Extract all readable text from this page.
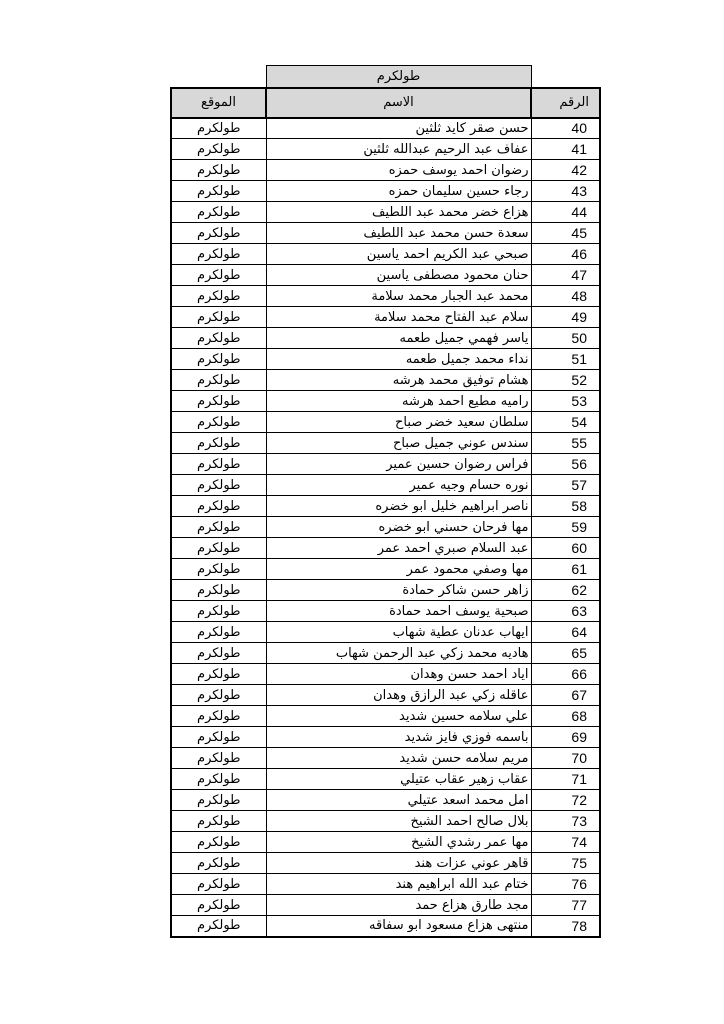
	طولكرم	
الرقم	الاسم	الموقع
40	حسن صقر كايد ثلثين	طولكرم
41	عفاف عبد الرحيم عبدالله ثلثين	طولكرم
42	رضوان احمد يوسف حمزه	طولكرم
43	رجاء حسين سليمان حمزه	طولكرم
44	هزاع خضر محمد عبد اللطيف	طولكرم
45	سعدة حسن محمد عبد اللطيف	طولكرم
46	صبحي عبد الكريم احمد ياسين	طولكرم
47	حنان محمود مصطفى ياسين	طولكرم
48	محمد عبد الجبار محمد سلامة	طولكرم
49	سلام عبد الفتاح محمد سلامة	طولكرم
50	ياسر فهمي جميل طعمه	طولكرم
51	نداء محمد جميل طعمه	طولكرم
52	هشام توفيق محمد هرشه	طولكرم
53	راميه مطيع احمد هرشه	طولكرم
54	سلطان سعيد خضر صباح	طولكرم
55	سندس عوني جميل صباح	طولكرم
56	فراس رضوان حسين عمير	طولكرم
57	نوره حسام وجيه عمير	طولكرم
58	ناصر ابراهيم خليل ابو خضره	طولكرم
59	مها فرحان حسني ابو خضره	طولكرم
60	عبد السلام صبري احمد عمر	طولكرم
61	مها وصفي محمود عمر	طولكرم
62	زاهر حسن شاكر حمادة	طولكرم
63	صبحية يوسف احمد حمادة	طولكرم
64	ايهاب عدنان عطية شهاب	طولكرم
65	هاديه محمد زكي عبد الرحمن شهاب	طولكرم
66	اياد احمد حسن وهدان	طولكرم
67	عاقله زكي عبد الرازق وهدان	طولكرم
68	علي سلامه حسين شديد	طولكرم
69	باسمه فوزي فايز شديد	طولكرم
70	مريم سلامه حسن شديد	طولكرم
71	عقاب زهير عقاب عتيلي	طولكرم
72	امل محمد اسعد عتيلي	طولكرم
73	بلال صالح احمد الشيخ	طولكرم
74	مها عمر رشدي الشيخ	طولكرم
75	قاهر عوني عزات هند	طولكرم
76	ختام عبد الله ابراهيم هند	طولكرم
77	مجد طارق هزاع حمد	طولكرم
78	منتهى هزاع مسعود ابو سفاقه	طولكرم
